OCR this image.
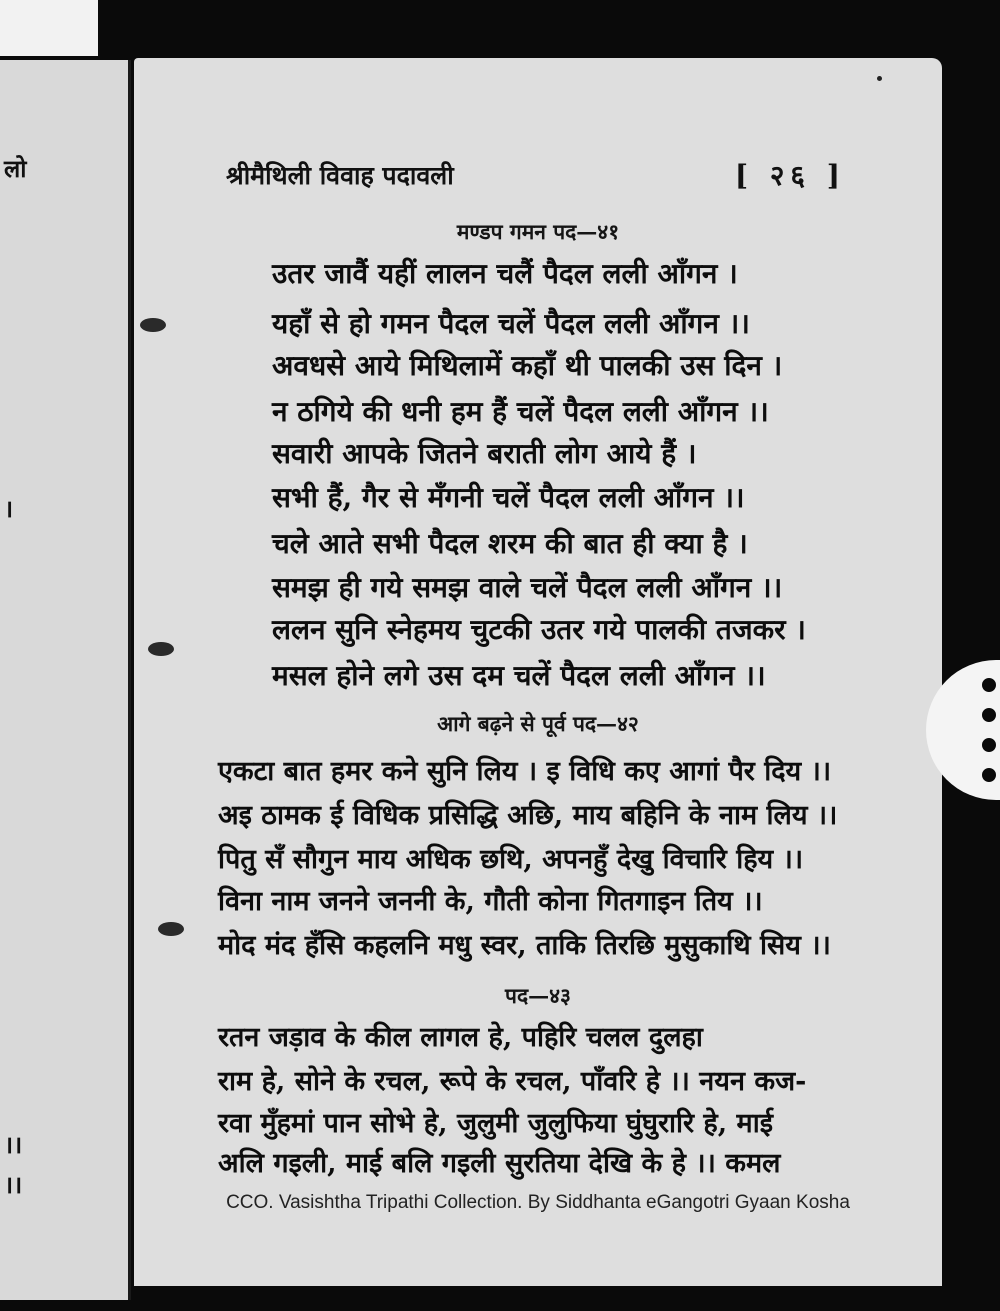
लो
।
।।
।।
श्रीमैथिली विवाह पदावली	[ २६ ]
मण्डप गमन पद—४१
उतर जावैं यहीं लालन चलैं पैदल लली आँगन ।
यहाँ से हो गमन पैदल चलें पैदल लली आँगन ।।
अवधसे आये मिथिलामें कहाँ थी पालकी उस दिन ।
न ठगिये की धनी हम हैं चलें पैदल लली आँगन ।।
सवारी आपके जितने बराती लोग आये हैं ।
सभी हैं, गैर से मँगनी चलें पैदल लली आँगन ।।
चले आते सभी पैदल शरम की बात ही क्या है ।
समझ ही गये समझ वाले चलें पैदल लली आँगन ।।
ललन सुनि स्नेहमय चुटकी उतर गये पालकी तजकर ।
मसल होने लगे उस दम चलें पैदल लली आँगन ।।
आगे बढ़ने से पूर्व पद—४२
एकटा बात हमर कने सुनि लिय । इ विधि कए आगां पैर दिय ।।
अइ ठामक ई विधिक प्रसिद्धि अछि, माय बहिनि के नाम लिय ।।
पितु सँ सौगुन माय अधिक छथि, अपनहुँ देखु विचारि हिय ।।
विना नाम जनने जननी के, गौती कोना गितगाइन तिय ।।
मोद मंद हँसि कहलनि मधु स्वर, ताकि तिरछि मुसुकाथि सिय ।।
पद—४३
रतन जड़ाव के कील लागल हे, पहिरि चलल दुलहा
राम हे, सोने के रचल, रूपे के रचल, पाँवरि हे ।। नयन कज-
रवा मुँहमां पान सोभे हे, जुलुमी जुलुफिया घुंघुरारि हे, माई
अलि गइली, माई बलि गइली सुरतिया देखि के हे ।। कमल
CCO. Vasishtha Tripathi Collection. By Siddhanta eGangotri Gyaan Kosha
